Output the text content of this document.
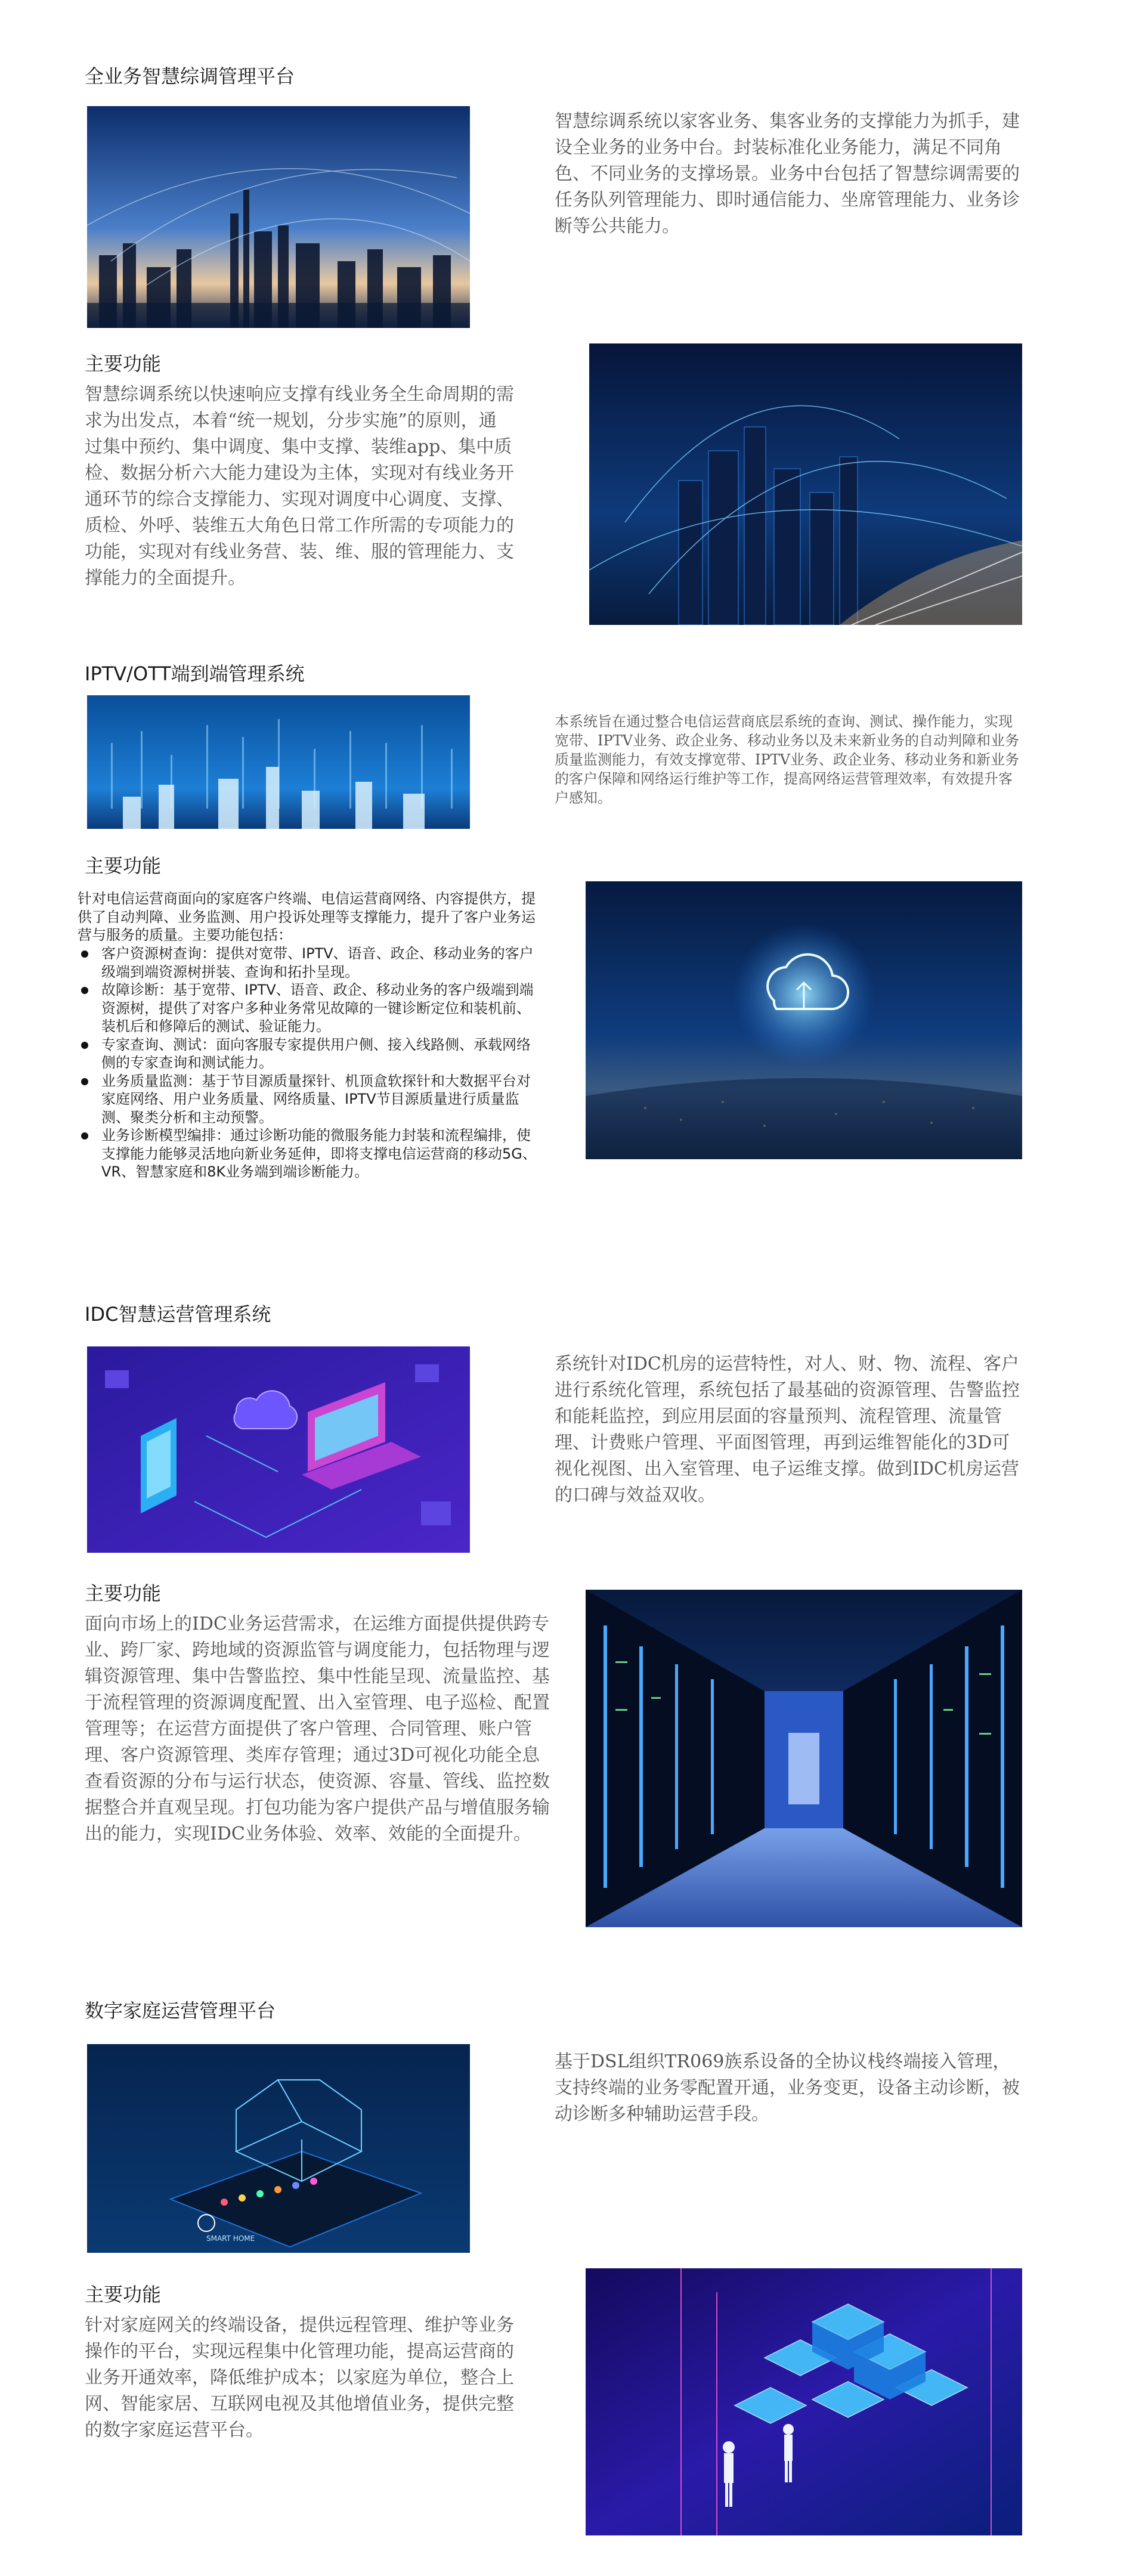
全业务智慧综调管理平台
智慧综调系统以家客业务、集客业务的支撑能力为抓手，建设全业务的业务中台。封装标准化业务能力，满足不同角色、不同业务的支撑场景。业务中台包括了智慧综调需要的任务队列管理能力、即时通信能力、坐席管理能力、业务诊断等公共能力。
主要功能
智慧综调系统以快速响应支撑有线业务全生命周期的需求为出发点，本着“统一规划，分步实施”的原则，通过集中预约、集中调度、集中支撑、装维app、集中质检、数据分析六大能力建设为主体，实现对有线业务开通环节的综合支撑能力、实现对调度中心调度、支撑、质检、外呼、装维五大角色日常工作所需的专项能力的功能，实现对有线业务营、装、维、服的管理能力、支撑能力的全面提升。
IPTV/OTT端到端管理系统
本系统旨在通过整合电信运营商底层系统的查询、测试、操作能力，实现宽带、IPTV业务、政企业务、移动业务以及未来新业务的自动判障和业务质量监测能力，有效支撑宽带、IPTV业务、政企业务、移动业务和新业务的客户保障和网络运行维护等工作，提高网络运营管理效率，有效提升客户感知。
主要功能
针对电信运营商面向的家庭客户终端、电信运营商网络、内容提供方，提供了自动判障、业务监测、用户投诉处理等支撑能力，提升了客户业务运营与服务的质量。主要功能包括：
客户资源树查询：提供对宽带、IPTV、语音、政企、移动业务的客户级端到端资源树拼装、查询和拓扑呈现。
故障诊断：基于宽带、IPTV、语音、政企、移动业务的客户级端到端资源树，提供了对客户多种业务常见故障的一键诊断定位和装机前、装机后和修障后的测试、验证能力。
专家查询、测试：面向客服专家提供用户侧、接入线路侧、承载网络侧的专家查询和测试能力。
业务质量监测：基于节目源质量探针、机顶盒软探针和大数据平台对家庭网络、用户业务质量、网络质量、IPTV节目源质量进行质量监测、聚类分析和主动预警。
业务诊断模型编排：通过诊断功能的微服务能力封装和流程编排，使支撑能力能够灵活地向新业务延伸，即将支撑电信运营商的移动5G、VR、智慧家庭和8K业务端到端诊断能力。
IDC智慧运营管理系统
系统针对IDC机房的运营特性，对人、财、物、流程、客户进行系统化管理，系统包括了最基础的资源管理、告警监控和能耗监控，到应用层面的容量预判、流程管理、流量管理、计费账户管理、平面图管理，再到运维智能化的3D可视化视图、出入室管理、电子运维支撑。做到IDC机房运营的口碑与效益双收。
主要功能
面向市场上的IDC业务运营需求，在运维方面提供提供跨专业、跨厂家、跨地域的资源监管与调度能力，包括物理与逻辑资源管理、集中告警监控、集中性能呈现、流量监控、基于流程管理的资源调度配置、出入室管理、电子巡检、配置管理等；在运营方面提供了客户管理、合同管理、账户管理、客户资源管理、类库存管理；通过3D可视化功能全息查看资源的分布与运行状态，使资源、容量、管线、监控数据整合并直观呈现。打包功能为客户提供产品与增值服务输出的能力，实现IDC业务体验、效率、效能的全面提升。
数字家庭运营管理平台
SMART HOME
基于DSL组织TR069族系设备的全协议栈终端接入管理，支持终端的业务零配置开通，业务变更，设备主动诊断，被动诊断多种辅助运营手段。
主要功能
针对家庭网关的终端设备，提供远程管理、维护等业务操作的平台，实现远程集中化管理功能，提高运营商的业务开通效率，降低维护成本；以家庭为单位，整合上网、智能家居、互联网电视及其他增值业务，提供完整的数字家庭运营平台。
